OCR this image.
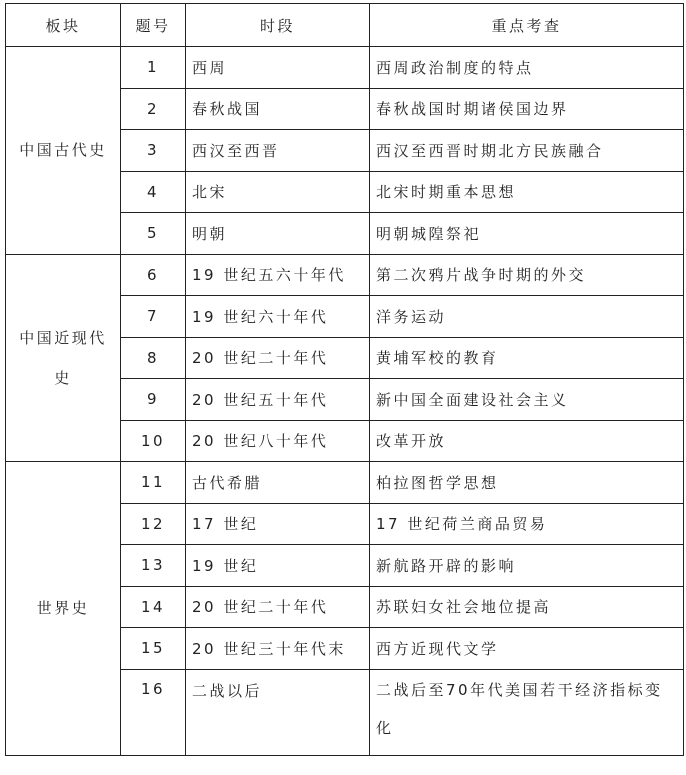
板块	题号	时段	重点考查
中国古代史	1	西周	西周政治制度的特点
	2	春秋战国	春秋战国时期诸侯国边界
	3	西汉至西晋	西汉至西晋时期北方民族融合
	4	北宋	北宋时期重本思想
	5	明朝	明朝城隍祭祀
中国近现代史	6	19 世纪五六十年代	第二次鸦片战争时期的外交
	7	19 世纪六十年代	洋务运动
	8	20 世纪二十年代	黄埔军校的教育
	9	20 世纪五十年代	新中国全面建设社会主义
	10	20 世纪八十年代	改革开放
世界史	11	古代希腊	柏拉图哲学思想
	12	17 世纪	17 世纪荷兰商品贸易
	13	19 世纪	新航路开辟的影响
	14	20 世纪二十年代	苏联妇女社会地位提高
	15	20 世纪三十年代末	西方近现代文学
	16	二战以后	二战后至70年代美国若干经济指标变化
